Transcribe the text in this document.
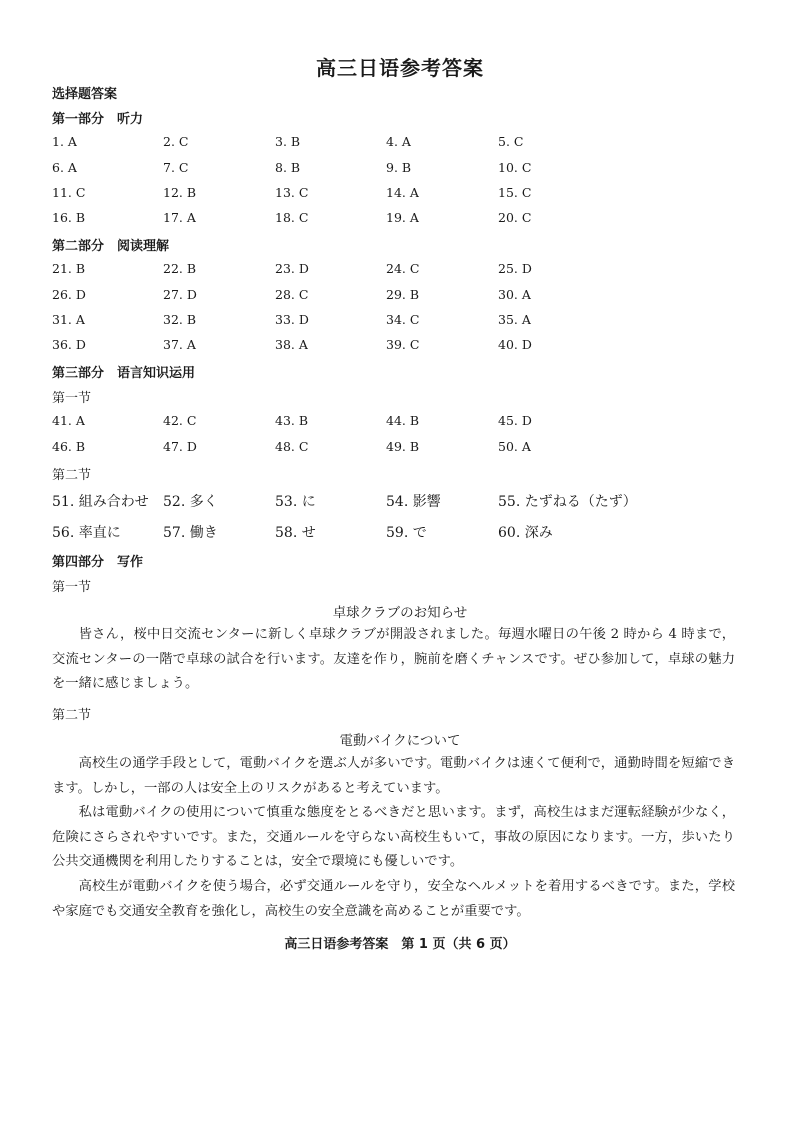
高三日语参考答案
选择题答案
第一部分　听力
1. A	2. C	3. B	4. A	5. C
6. A	7. C	8. B	9. B	10. C
11. C	12. B	13. C	14. A	15. C
16. B	17. A	18. C	19. A	20. C
第二部分　阅读理解
21. B	22. B	23. D	24. C	25. D
26. D	27. D	28. C	29. B	30. A
31. A	32. B	33. D	34. C	35. A
36. D	37. A	38. A	39. C	40. D
第三部分　语言知识运用
第一节
41. A	42. C	43. B	44. B	45. D
46. B	47. D	48. C	49. B	50. A
第二节
51. 組み合わせ 52. 多く	53. に	54. 影響	55. たずねる（たず）
56. 率直に	57. 働き	58. せ	59. で	60. 深み
第四部分　写作
第一节
卓球クラブのお知らせ

皆さん，桜中日交流センターに新しく卓球クラブが開設されました。毎週水曜日の午後 2 時から 4 時まで，交流センターの一階で卓球の試合を行います。友達を作り，腕前を磨くチャンスです。ぜひ参加して，卓球の魅力を一緒に感じましょう。

第二节
電動バイクについて

高校生の通学手段として，電動バイクを選ぶ人が多いです。電動バイクは速くて便利で，通勤時間を短縮できます。しかし，一部の人は安全上のリスクがあると考えています。

私は電動バイクの使用について慎重な態度をとるべきだと思います。まず，高校生はまだ運転経験が少なく，危険にさらされやすいです。また，交通ルールを守らない高校生もいて，事故の原因になります。一方，歩いたり公共交通機関を利用したりすることは，安全で環境にも優しいです。

高校生が電動バイクを使う場合，必ず交通ルールを守り，安全なヘルメットを着用するべきです。また，学校や家庭でも交通安全教育を強化し，高校生の安全意識を高めることが重要です。

高三日语参考答案　第 1 页（共 6 页）
